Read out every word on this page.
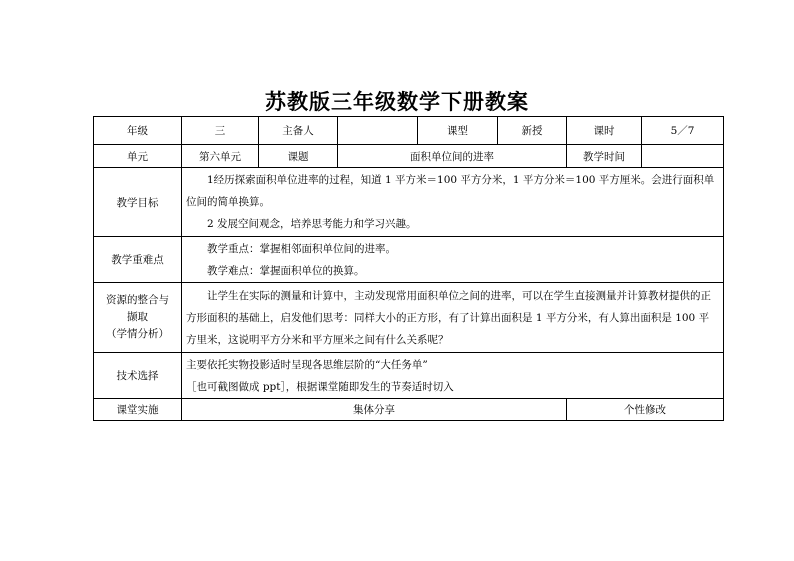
苏教版三年级数学下册教案
年级	三	主备人		课型	新授	课时	5／7
单元	第六单元	课题	面积单位间的进率			教学时间	
教学目标	1经历探索面积单位进率的过程，知道 1 平方米＝100 平方分米，1 平方分米＝100 平方厘米。会进行面积单位间的简单换算。

2 发展空间观念，培养思考能力和学习兴趣。						

教学重难点	教学重点：掌握相邻面积单位间的进率。

教学难点：掌握面积单位的换算。						

资源的整合与
撷取
（学情分析）	让学生在实际的测量和计算中，主动发现常用面积单位之间的进率，可以在学生直接测量并计算教材提供的正方形面积的基础上，启发他们思考：同样大小的正方形，有了计算出面积是 1 平方分米，有人算出面积是 100 平方里米，这说明平方分米和平方厘米之间有什么关系呢？						

技术选择	主要依托实物投影适时呈现各思维层阶的“大任务单”

［也可截图做成 ppt］，根据课堂随即发生的节奏适时切入						

课堂实施	集体分享					个性修改	
